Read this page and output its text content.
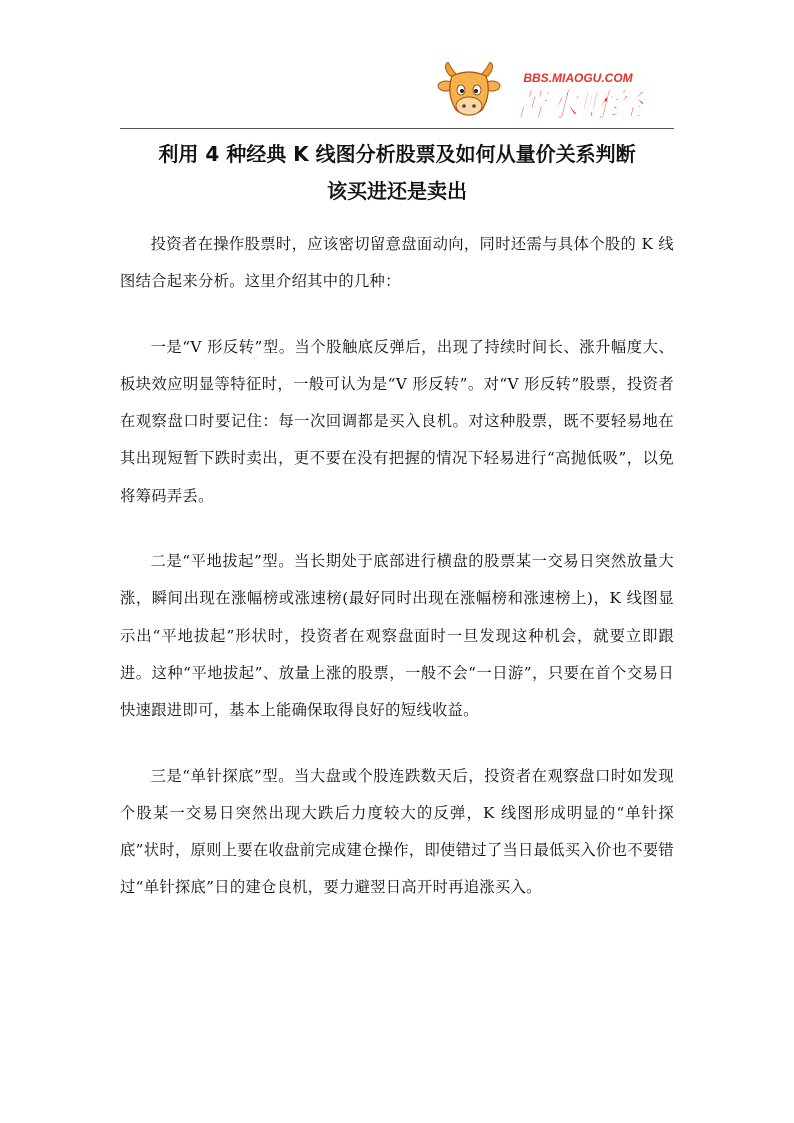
BBS.MIAOGU.COM
苦水财经
利用 4 种经典 K 线图分析股票及如何从量价关系判断
该买进还是卖出

投资者在操作股票时，应该密切留意盘面动向，同时还需与具体个股的 K 线图结合起来分析。这里介绍其中的几种：

一是“V 形反转”型。当个股触底反弹后，出现了持续时间长、涨升幅度大、板块效应明显等特征时，一般可认为是“V 形反转”。对“V 形反转”股票，投资者在观察盘口时要记住：每一次回调都是买入良机。对这种股票，既不要轻易地在其出现短暂下跌时卖出，更不要在没有把握的情况下轻易进行“高抛低吸”，以免将筹码弄丢。

二是“平地拔起”型。当长期处于底部进行横盘的股票某一交易日突然放量大涨，瞬间出现在涨幅榜或涨速榜(最好同时出现在涨幅榜和涨速榜上)，K 线图显示出“平地拔起”形状时，投资者在观察盘面时一旦发现这种机会，就要立即跟进。这种“平地拔起”、放量上涨的股票，一般不会“一日游”，只要在首个交易日快速跟进即可，基本上能确保取得良好的短线收益。

三是“单针探底”型。当大盘或个股连跌数天后，投资者在观察盘口时如发现个股某一交易日突然出现大跌后力度较大的反弹，K 线图形成明显的“单针探底”状时，原则上要在收盘前完成建仓操作，即使错过了当日最低买入价也不要错过“单针探底”日的建仓良机，要力避翌日高开时再追涨买入。
